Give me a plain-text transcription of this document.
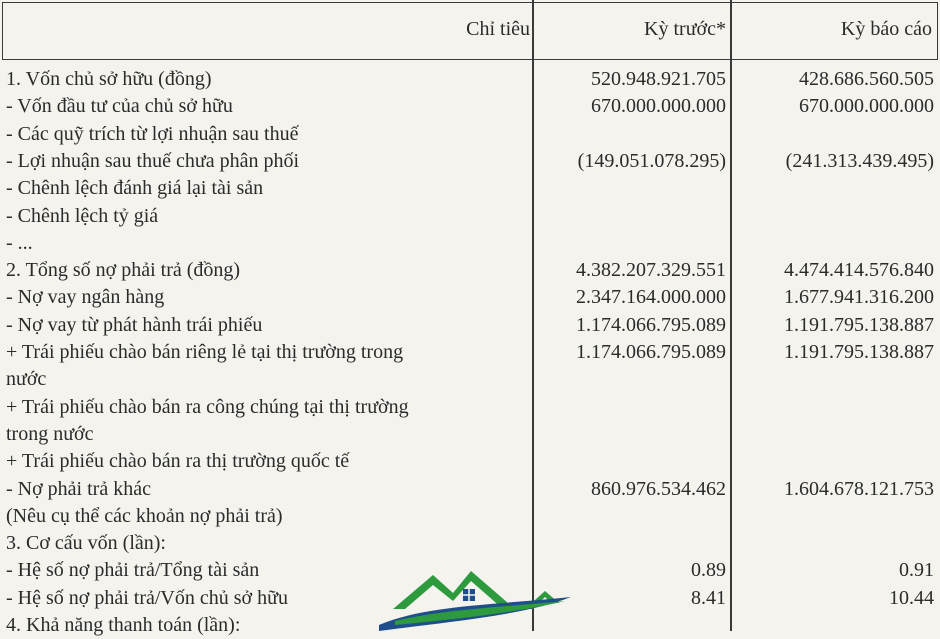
Chỉ tiêu	Kỳ trước*	Kỳ báo cáo
1. Vốn chủ sở hữu (đồng)	520.948.921.705	428.686.560.505
- Vốn đầu tư của chủ sở hữu	670.000.000.000	670.000.000.000
- Các quỹ trích từ lợi nhuận sau thuế
- Lợi nhuận sau thuế chưa phân phối	(149.051.078.295)	(241.313.439.495)
- Chênh lệch đánh giá lại tài sản
- Chênh lệch tỷ giá
- ...
2. Tổng số nợ phải trả (đồng)	4.382.207.329.551	4.474.414.576.840
- Nợ vay ngân hàng	2.347.164.000.000	1.677.941.316.200
- Nợ vay từ phát hành trái phiếu	1.174.066.795.089	1.191.795.138.887
+ Trái phiếu chào bán riêng lẻ tại thị trường trong	1.174.066.795.089	1.191.795.138.887
nước
+ Trái phiếu chào bán ra công chúng tại thị trường
trong nước
+ Trái phiếu chào bán ra thị trường quốc tế
- Nợ phải trả khác	860.976.534.462	1.604.678.121.753
(Nêu cụ thể các khoản nợ phải trả)
3. Cơ cấu vốn (lần):
- Hệ số nợ phải trả/Tổng tài sản	0.89	0.91
- Hệ số nợ phải trả/Vốn chủ sở hữu	8.41	10.44
4. Khả năng thanh toán (lần):
